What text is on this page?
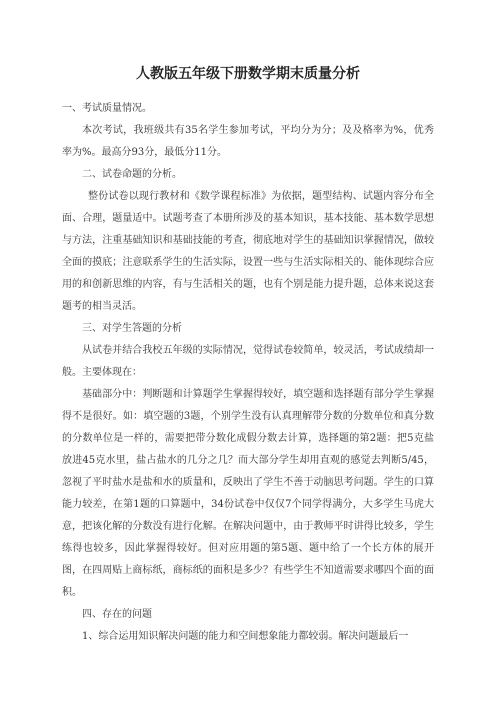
人教版五年级下册数学期末质量分析

一、考试质量情况。

本次考试，我班级共有35名学生参加考试，平均分为分；及及格率为%，优秀率为%。最高分93分，最低分11分。

二、试卷命题的分析。

整份试卷以现行教材和《数学课程标准》为依据，题型结构、试题内容分布全面、合理，题量适中。试题考查了本册所涉及的基本知识，基本技能、基本数学思想与方法，注重基础知识和基础技能的考查，彻底地对学生的基础知识掌握情况，做较全面的摸底；注意联系学生的生活实际，设置一些与生活实际相关的、能体现综合应用的和创新思维的内容，有与生活相关的题，也有个别是能力提升题，总体来说这套题考的相当灵活。

三、对学生答题的分析

从试卷并结合我校五年级的实际情况，觉得试卷较简单，较灵活，考试成绩却一般。主要体现在：

基础部分中：判断题和计算题学生掌握得较好，填空题和选择题有部分学生掌握得不是很好。如：填空题的3题，个别学生没有认真理解带分数的分数单位和真分数的分数单位是一样的，需要把带分数化成假分数去计算，选择题的第2题：把5克盐放进45克水里，盐占盐水的几分之几？而大部分学生却用直观的感觉去判断5/45，忽视了平时盐水是盐和水的质量和，反映出了学生不善于动脑思考问题。学生的口算能力较差，在第1题的口算题中，34份试卷中仅仅7个同学得满分，大多学生马虎大意，把该化解的分数没有进行化解。在解决问题中，由于教师平时讲得比较多，学生练得也较多，因此掌握得较好。但对应用题的第5题、题中给了一个长方体的展开图，在四周贴上商标纸，商标纸的面积是多少？有些学生不知道需要求哪四个面的面积。

四、存在的问题

1、综合运用知识解决问题的能力和空间想象能力都较弱。解决问题最后一
